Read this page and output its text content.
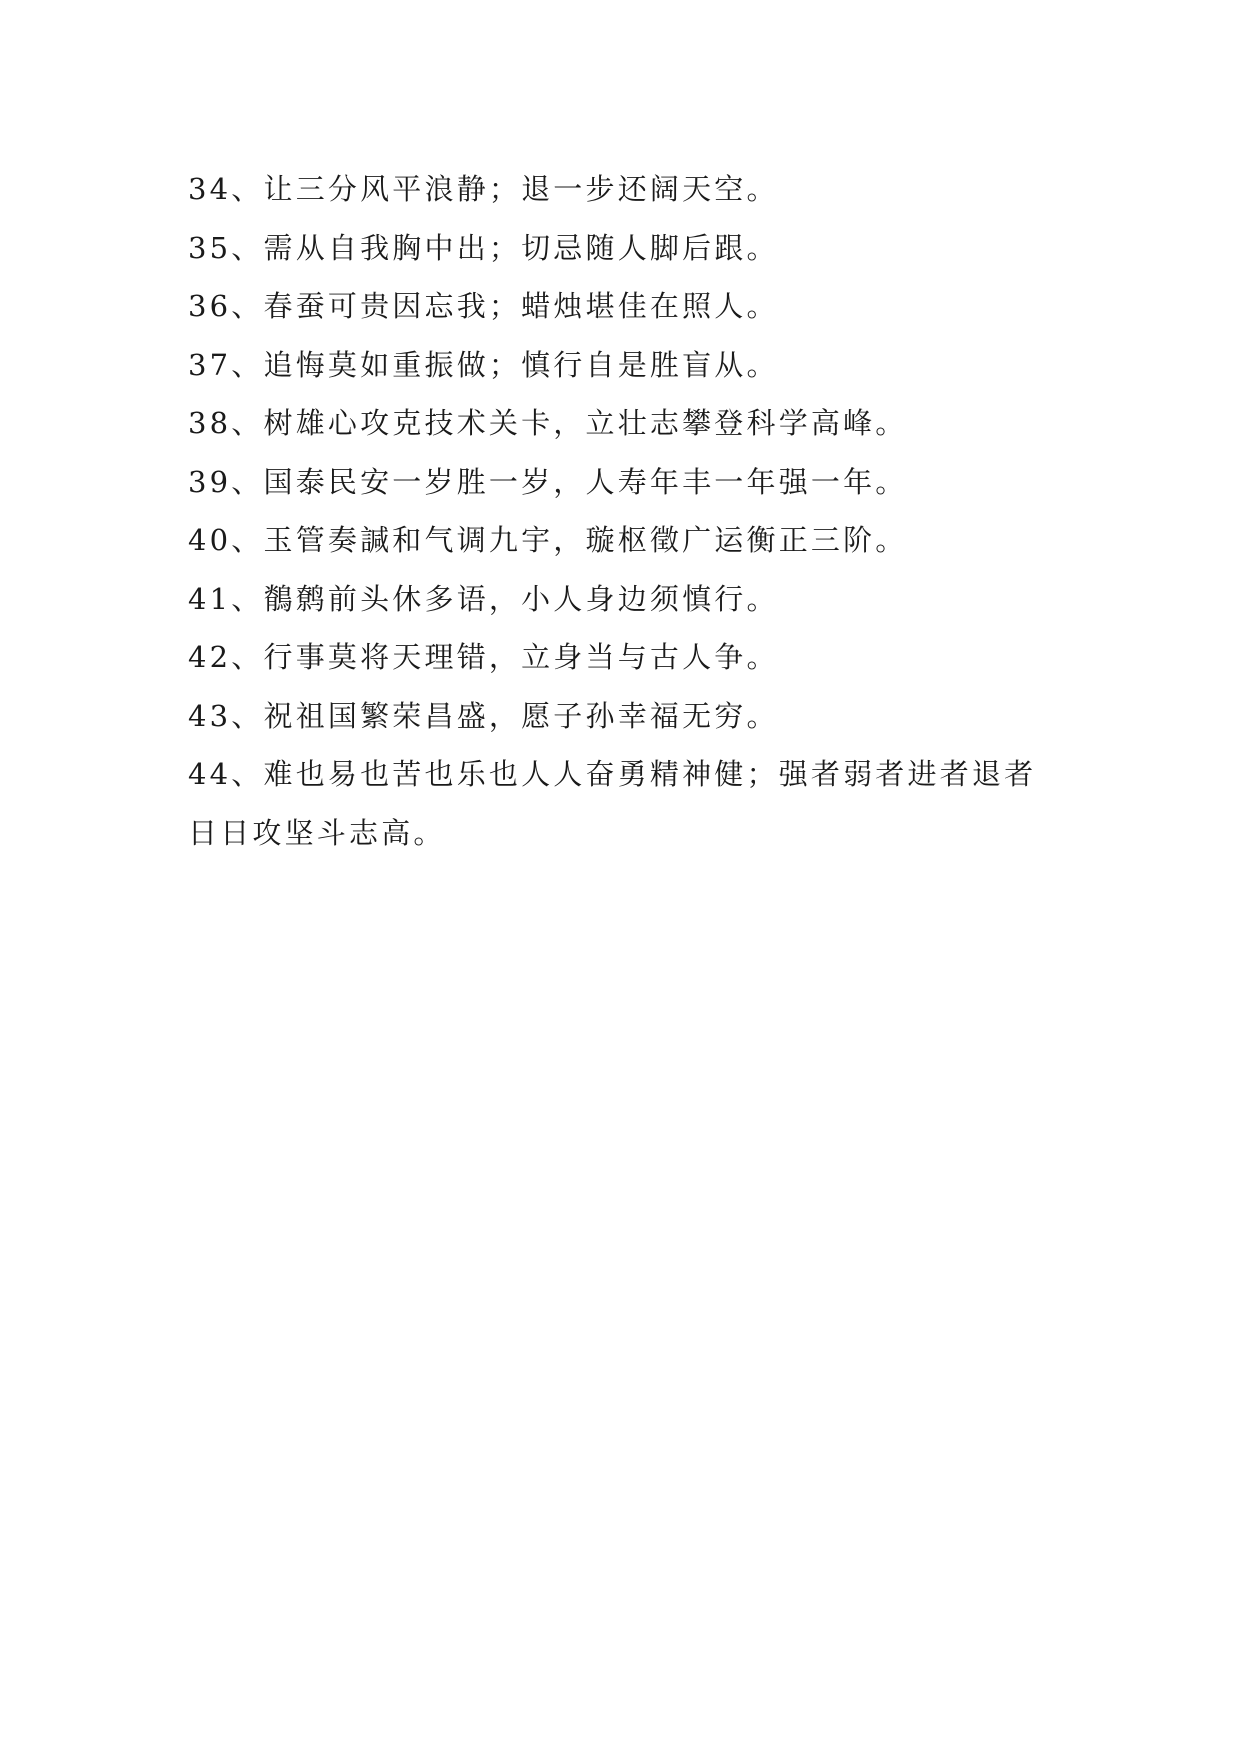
34、让三分风平浪静；退一步还阔天空。

35、需从自我胸中出；切忌随人脚后跟。

36、春蚕可贵因忘我；蜡烛堪佳在照人。

37、追悔莫如重振做；慎行自是胜盲从。

38、树雄心攻克技术关卡，立壮志攀登科学高峰。

39、国泰民安一岁胜一岁，人寿年丰一年强一年。

40、玉管奏諴和气调九宇，璇枢徵广运衡正三阶。

41、鶺鹩前头休多语，小人身边须慎行。

42、行事莫将天理错，立身当与古人争。

43、祝祖国繁荣昌盛，愿子孙幸福无穷。

44、难也易也苦也乐也人人奋勇精神健；强者弱者进者退者日日攻坚斗志高。
